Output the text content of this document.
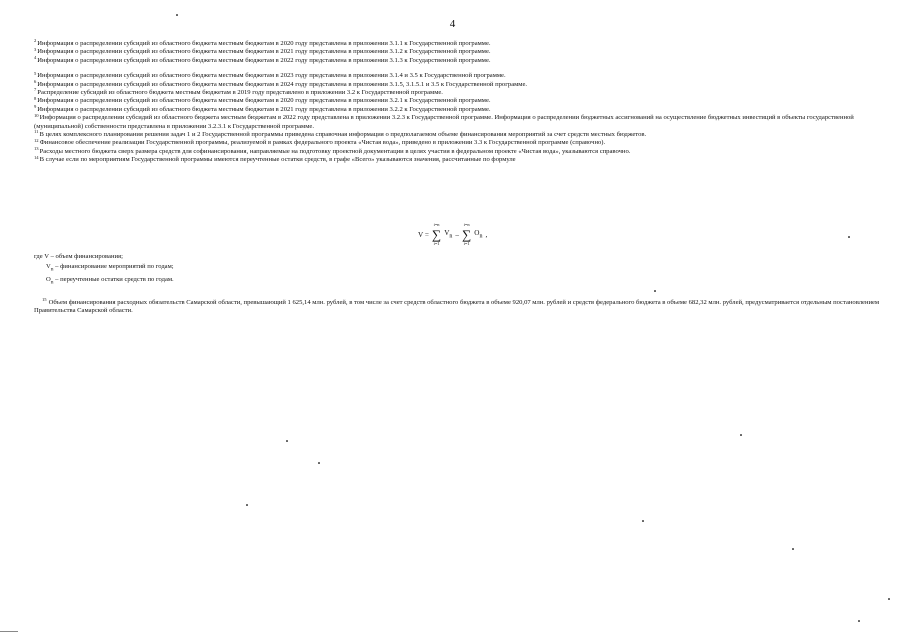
4

$^2$Информация о распределении субсидий из областного бюджета местным бюджетам в 2020 году представлена в приложении 3.1.1 к Государственной программе.

$^3$Информация о распределении субсидий из областного бюджета местным бюджетам в 2021 году представлена в приложении 3.1.2 к Государственной программе.

$^4$Информация о распределении субсидий из областного бюджета местным бюджетам в 2022 году представлена в приложении 3.1.3 к Государственной программе.

$^5$Информация о распределении субсидий из областного бюджета местным бюджетам в 2023 году представлена в приложении 3.1.4 и 3.5 к Государственной программе.

$^6$Информация о распределении субсидий из областного бюджета местным бюджетам в 2024 году представлена в приложении 3.1.5, 3.1.5.1 и 3.5 к Государственной программе.

$^7$Распределение субсидий из областного бюджета местным бюджетам в 2019 году представлено в приложении 3.2 к Государственной программе.

$^8$Информация о распределении субсидий из областного бюджета местным бюджетам в 2020 году представлена в приложении 3.2.1 к Государственной программе.

$^9$Информация о распределении субсидий из областного бюджета местным бюджетам в 2021 году представлена в приложении 3.2.2 к Государственной программе.

$^{10}$Информация о распределении субсидий из областного бюджета местным бюджетам в 2022 году представлена в приложении 3.2.3 к Государственной программе. Информация о распределении бюджетных ассигнований на осуществление бюджетных инвестиций в объекты государственной (муниципальной) собственности представлена в приложении 3.2.3.1 к Государственной программе.

$^{11}$В целях комплексного планирования решения задач 1 и 2 Государственной программы приведена справочная информация о предполагаемом объеме финансирования мероприятий за счет средств местных бюджетов.

$^{12}$Финансовое обеспечение реализации Государственной программы, реализуемой в рамках федерального проекта «Чистая вода», приведено в приложении 3.3 к Государственной программе (справочно).

$^{13}$Расходы местного бюджета сверх размера средств для софинансирования, направляемые на подготовку проектной документации в целях участия в федеральном проекте «Чистая вода», указываются справочно.

$^{14}$В случае если по мероприятиям Государственной программы имеются переучтенные остатки средств, в графе «Всего» указываются значения, рассчитанные по формуле

V =
i=n
∑
i=1
$V_n$ –
i=n
∑
i=1
$O_n$ ,
где V – объем финансирования;
$V_n$ – финансирование мероприятий по годам;
$O_n$ – переучтенные остатки средств по годам.

$^{15}$ Объем финансирования расходных обязательств Самарской области, превышающий 1 625,14 млн. рублей, в том числе за счет средств областного бюджета в объеме 920,07 млн. рублей и средств федерального бюджета в объеме 682,32 млн. рублей, предусматривается отдельным постановлением Правительства Самарской области.
